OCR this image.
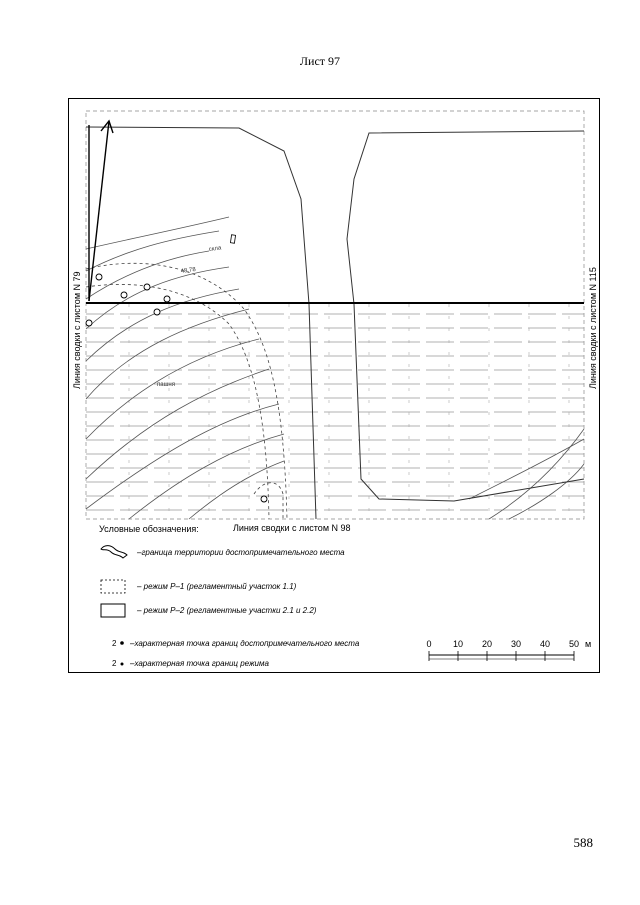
Лист 97
скла
48.78
пашня
Линия сводки с листом N 79	Линия сводки с листом N 115
Линия сводки с листом N 98
Условные обозначения:
–граница территории достопримечательного места
– режим Р–1 (регламентный участок 1.1)
– режим Р–2 (регламентные участки 2.1 и 2.2)
2 –характерная точка границ достопримечательного места
2 –характерная точка границ режима
0 10 20 30 40 50 м
588
